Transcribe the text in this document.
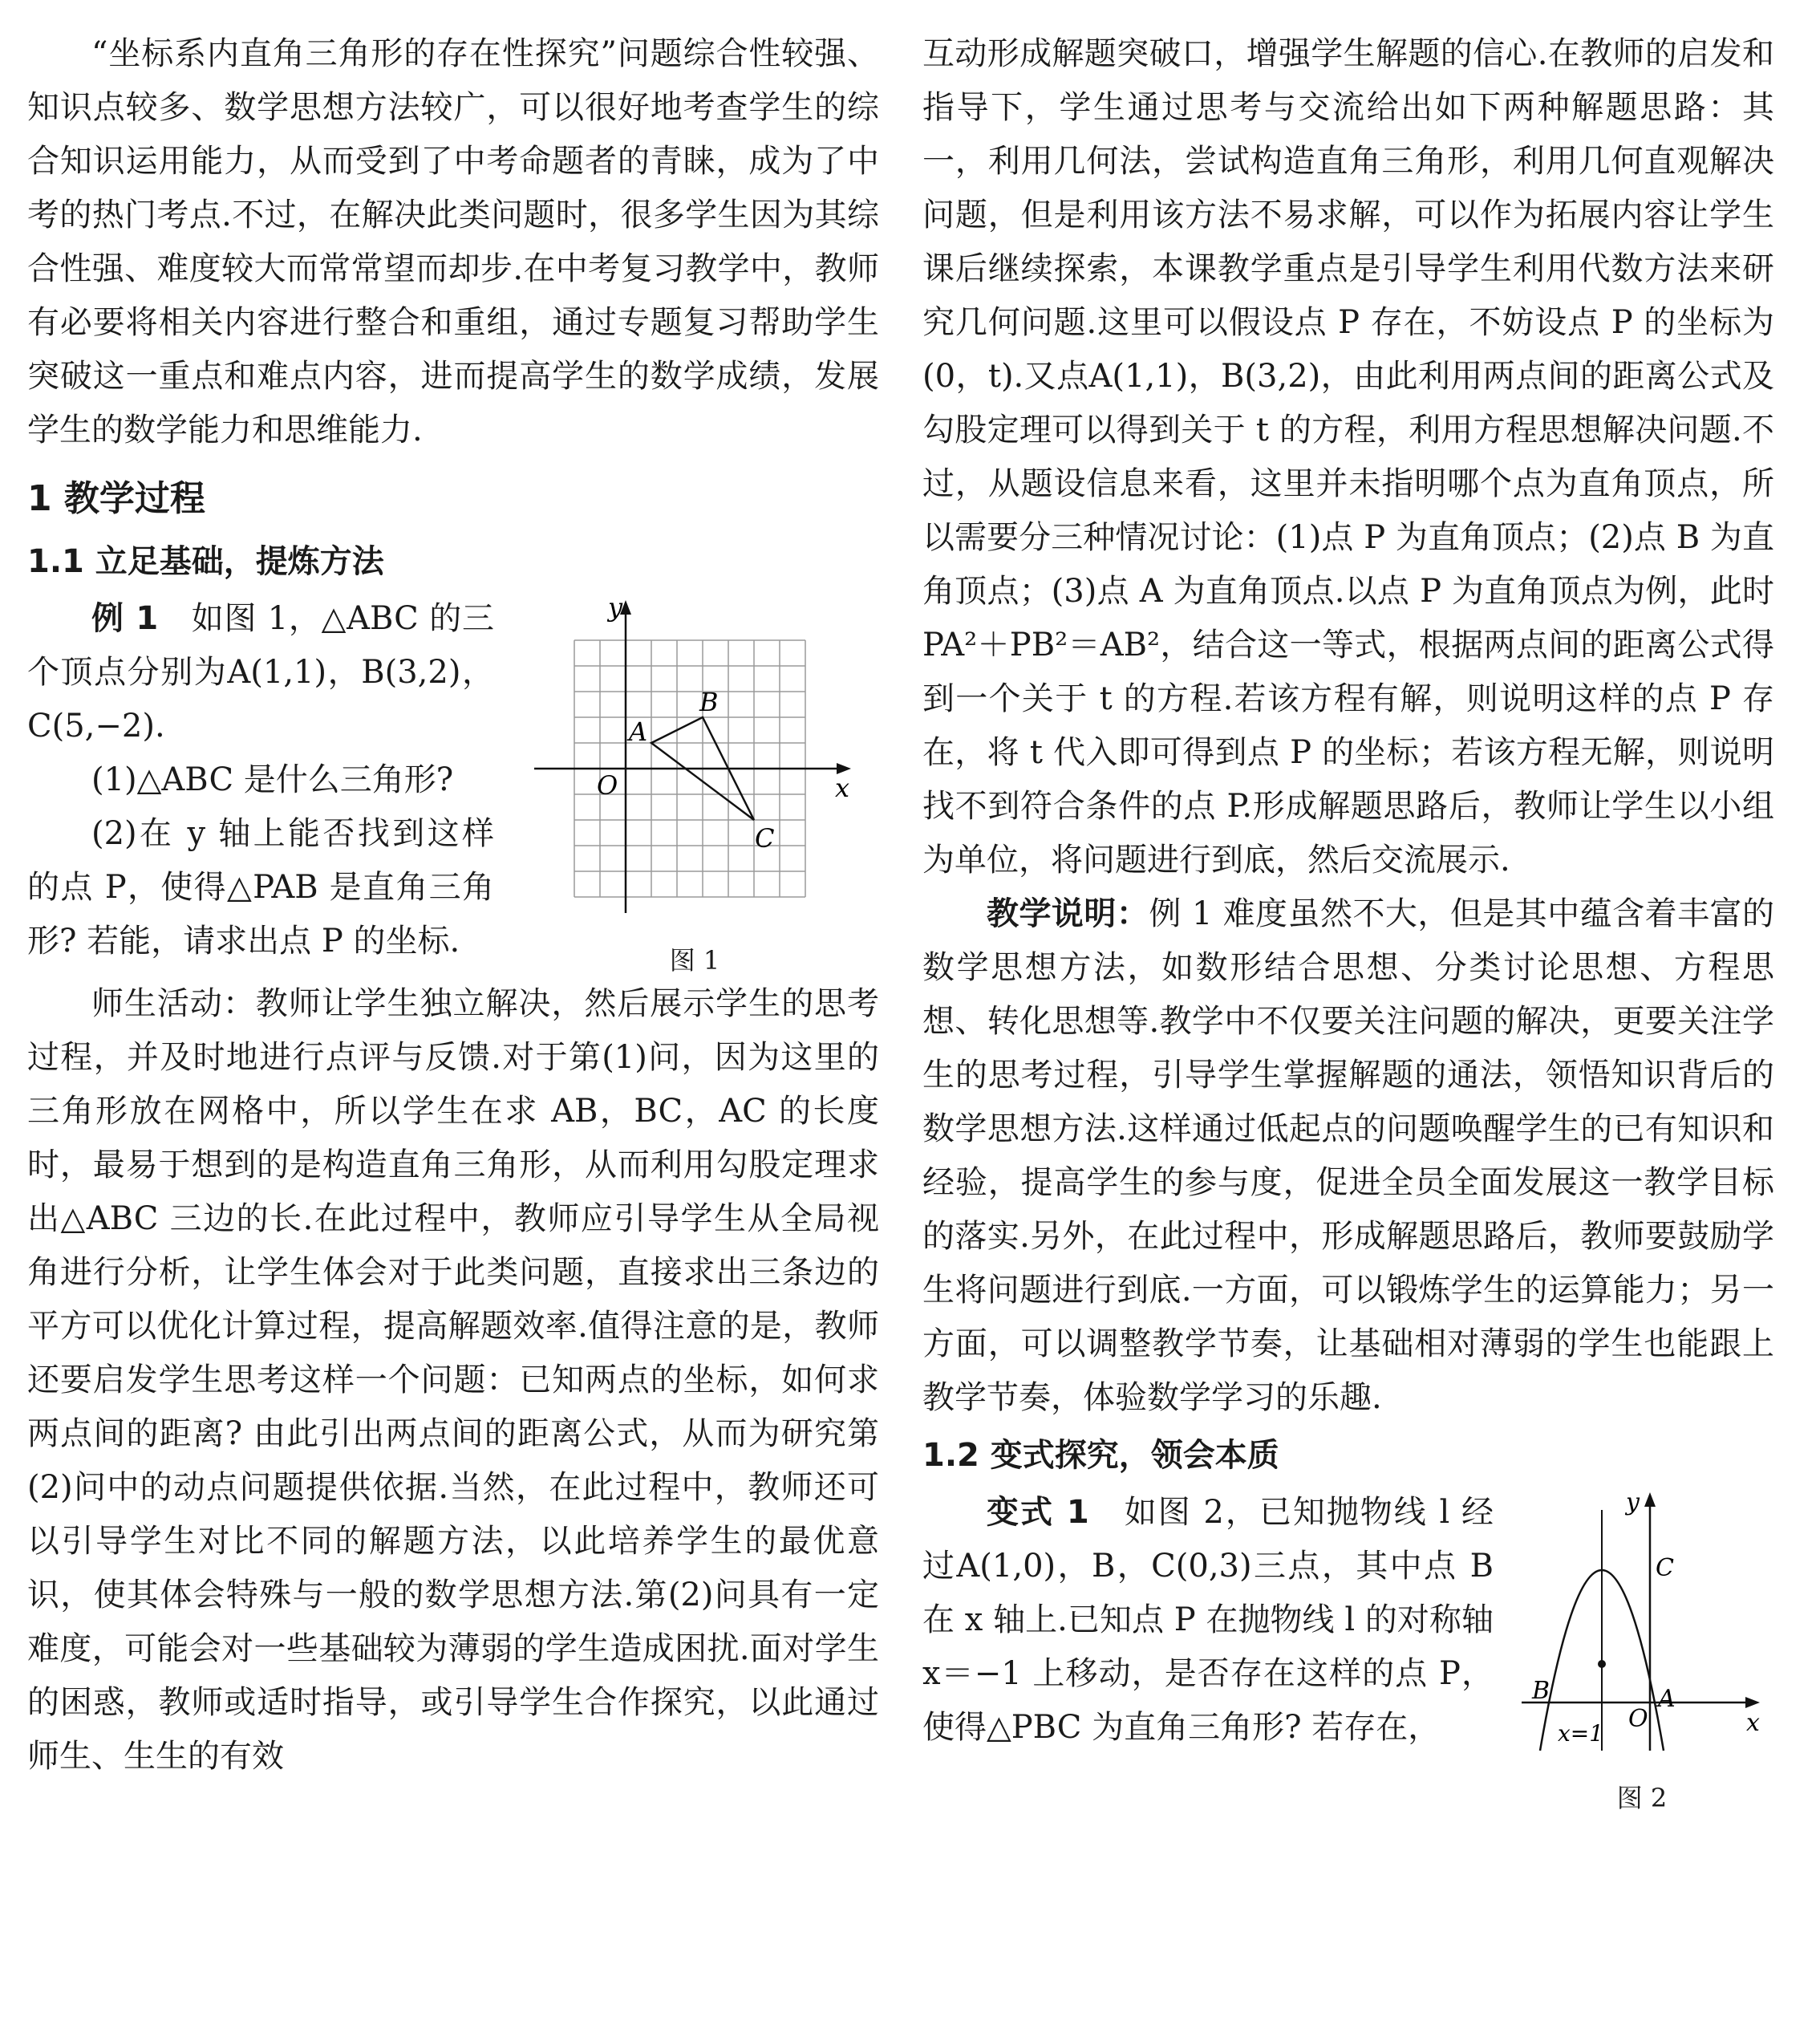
“坐标系内直角三角形的存在性探究”问题综合性较强、知识点较多、数学思想方法较广，可以很好地考查学生的综合知识运用能力，从而受到了中考命题者的青睐，成为了中考的热门考点.不过，在解决此类问题时，很多学生因为其综合性强、难度较大而常常望而却步.在中考复习教学中，教师有必要将相关内容进行整合和重组，通过专题复习帮助学生突破这一重点和难点内容，进而提高学生的数学成绩，发展学生的数学能力和思维能力.

1 教学过程
1.1 立足基础，提炼方法

例 1　 如图 1，△ABC 的三个顶点分别为A(1,1)，B(3,2)，C(5,−2).

(1)△ABC 是什么三角形?

(2)在 y 轴上能否找到这样的点 P，使得△PAB 是直角三角形? 若能，请求出点 P 的坐标.

y
x
O
A
B
C
图 1

师生活动：教师让学生独立解决，然后展示学生的思考过程，并及时地进行点评与反馈.对于第(1)问，因为这里的三角形放在网格中，所以学生在求 AB，BC，AC 的长度时，最易于想到的是构造直角三角形，从而利用勾股定理求出△ABC 三边的长.在此过程中，教师应引导学生从全局视角进行分析，让学生体会对于此类问题，直接求出三条边的平方可以优化计算过程，提高解题效率.值得注意的是，教师还要启发学生思考这样一个问题：已知两点的坐标，如何求两点间的距离? 由此引出两点间的距离公式，从而为研究第(2)问中的动点问题提供依据.当然，在此过程中，教师还可以引导学生对比不同的解题方法，以此培养学生的最优意识，使其体会特殊与一般的数学思想方法.第(2)问具有一定难度，可能会对一些基础较为薄弱的学生造成困扰.面对学生的困惑，教师或适时指导，或引导学生合作探究，以此通过师生、生生的有效

互动形成解题突破口，增强学生解题的信心.在教师的启发和指导下，学生通过思考与交流给出如下两种解题思路：其一，利用几何法，尝试构造直角三角形，利用几何直观解决问题，但是利用该方法不易求解，可以作为拓展内容让学生课后继续探索，本课教学重点是引导学生利用代数方法来研究几何问题.这里可以假设点 P 存在，不妨设点 P 的坐标为(0，t).又点A(1,1)，B(3,2)，由此利用两点间的距离公式及勾股定理可以得到关于 t 的方程，利用方程思想解决问题.不过，从题设信息来看，这里并未指明哪个点为直角顶点，所以需要分三种情况讨论：(1)点 P 为直角顶点；(2)点 B 为直角顶点；(3)点 A 为直角顶点.以点 P 为直角顶点为例，此时 PA²＋PB²＝AB²，结合这一等式，根据两点间的距离公式得到一个关于 t 的方程.若该方程有解，则说明这样的点 P 存在，将 t 代入即可得到点 P 的坐标；若该方程无解，则说明找不到符合条件的点 P.形成解题思路后，教师让学生以小组为单位，将问题进行到底，然后交流展示.

教学说明：例 1 难度虽然不大，但是其中蕴含着丰富的数学思想方法，如数形结合思想、分类讨论思想、方程思想、转化思想等.教学中不仅要关注问题的解决，更要关注学生的思考过程，引导学生掌握解题的通法，领悟知识背后的数学思想方法.这样通过低起点的问题唤醒学生的已有知识和经验，提高学生的参与度，促进全员全面发展这一教学目标的落实.另外，在此过程中，形成解题思路后，教师要鼓励学生将问题进行到底.一方面，可以锻炼学生的运算能力；另一方面，可以调整教学节奏，让基础相对薄弱的学生也能跟上教学节奏，体验数学学习的乐趣.

1.2 变式探究，领会本质

变式 1　 如图 2，已知抛物线 l 经过A(1,0)，B，C(0,3)三点，其中点 B 在 x 轴上.已知点 P 在抛物线 l 的对称轴 x＝−1 上移动，是否存在这样的点 P，使得△PBC 为直角三角形? 若存在，

y
x
O
A
B
C
x=1
图 2
